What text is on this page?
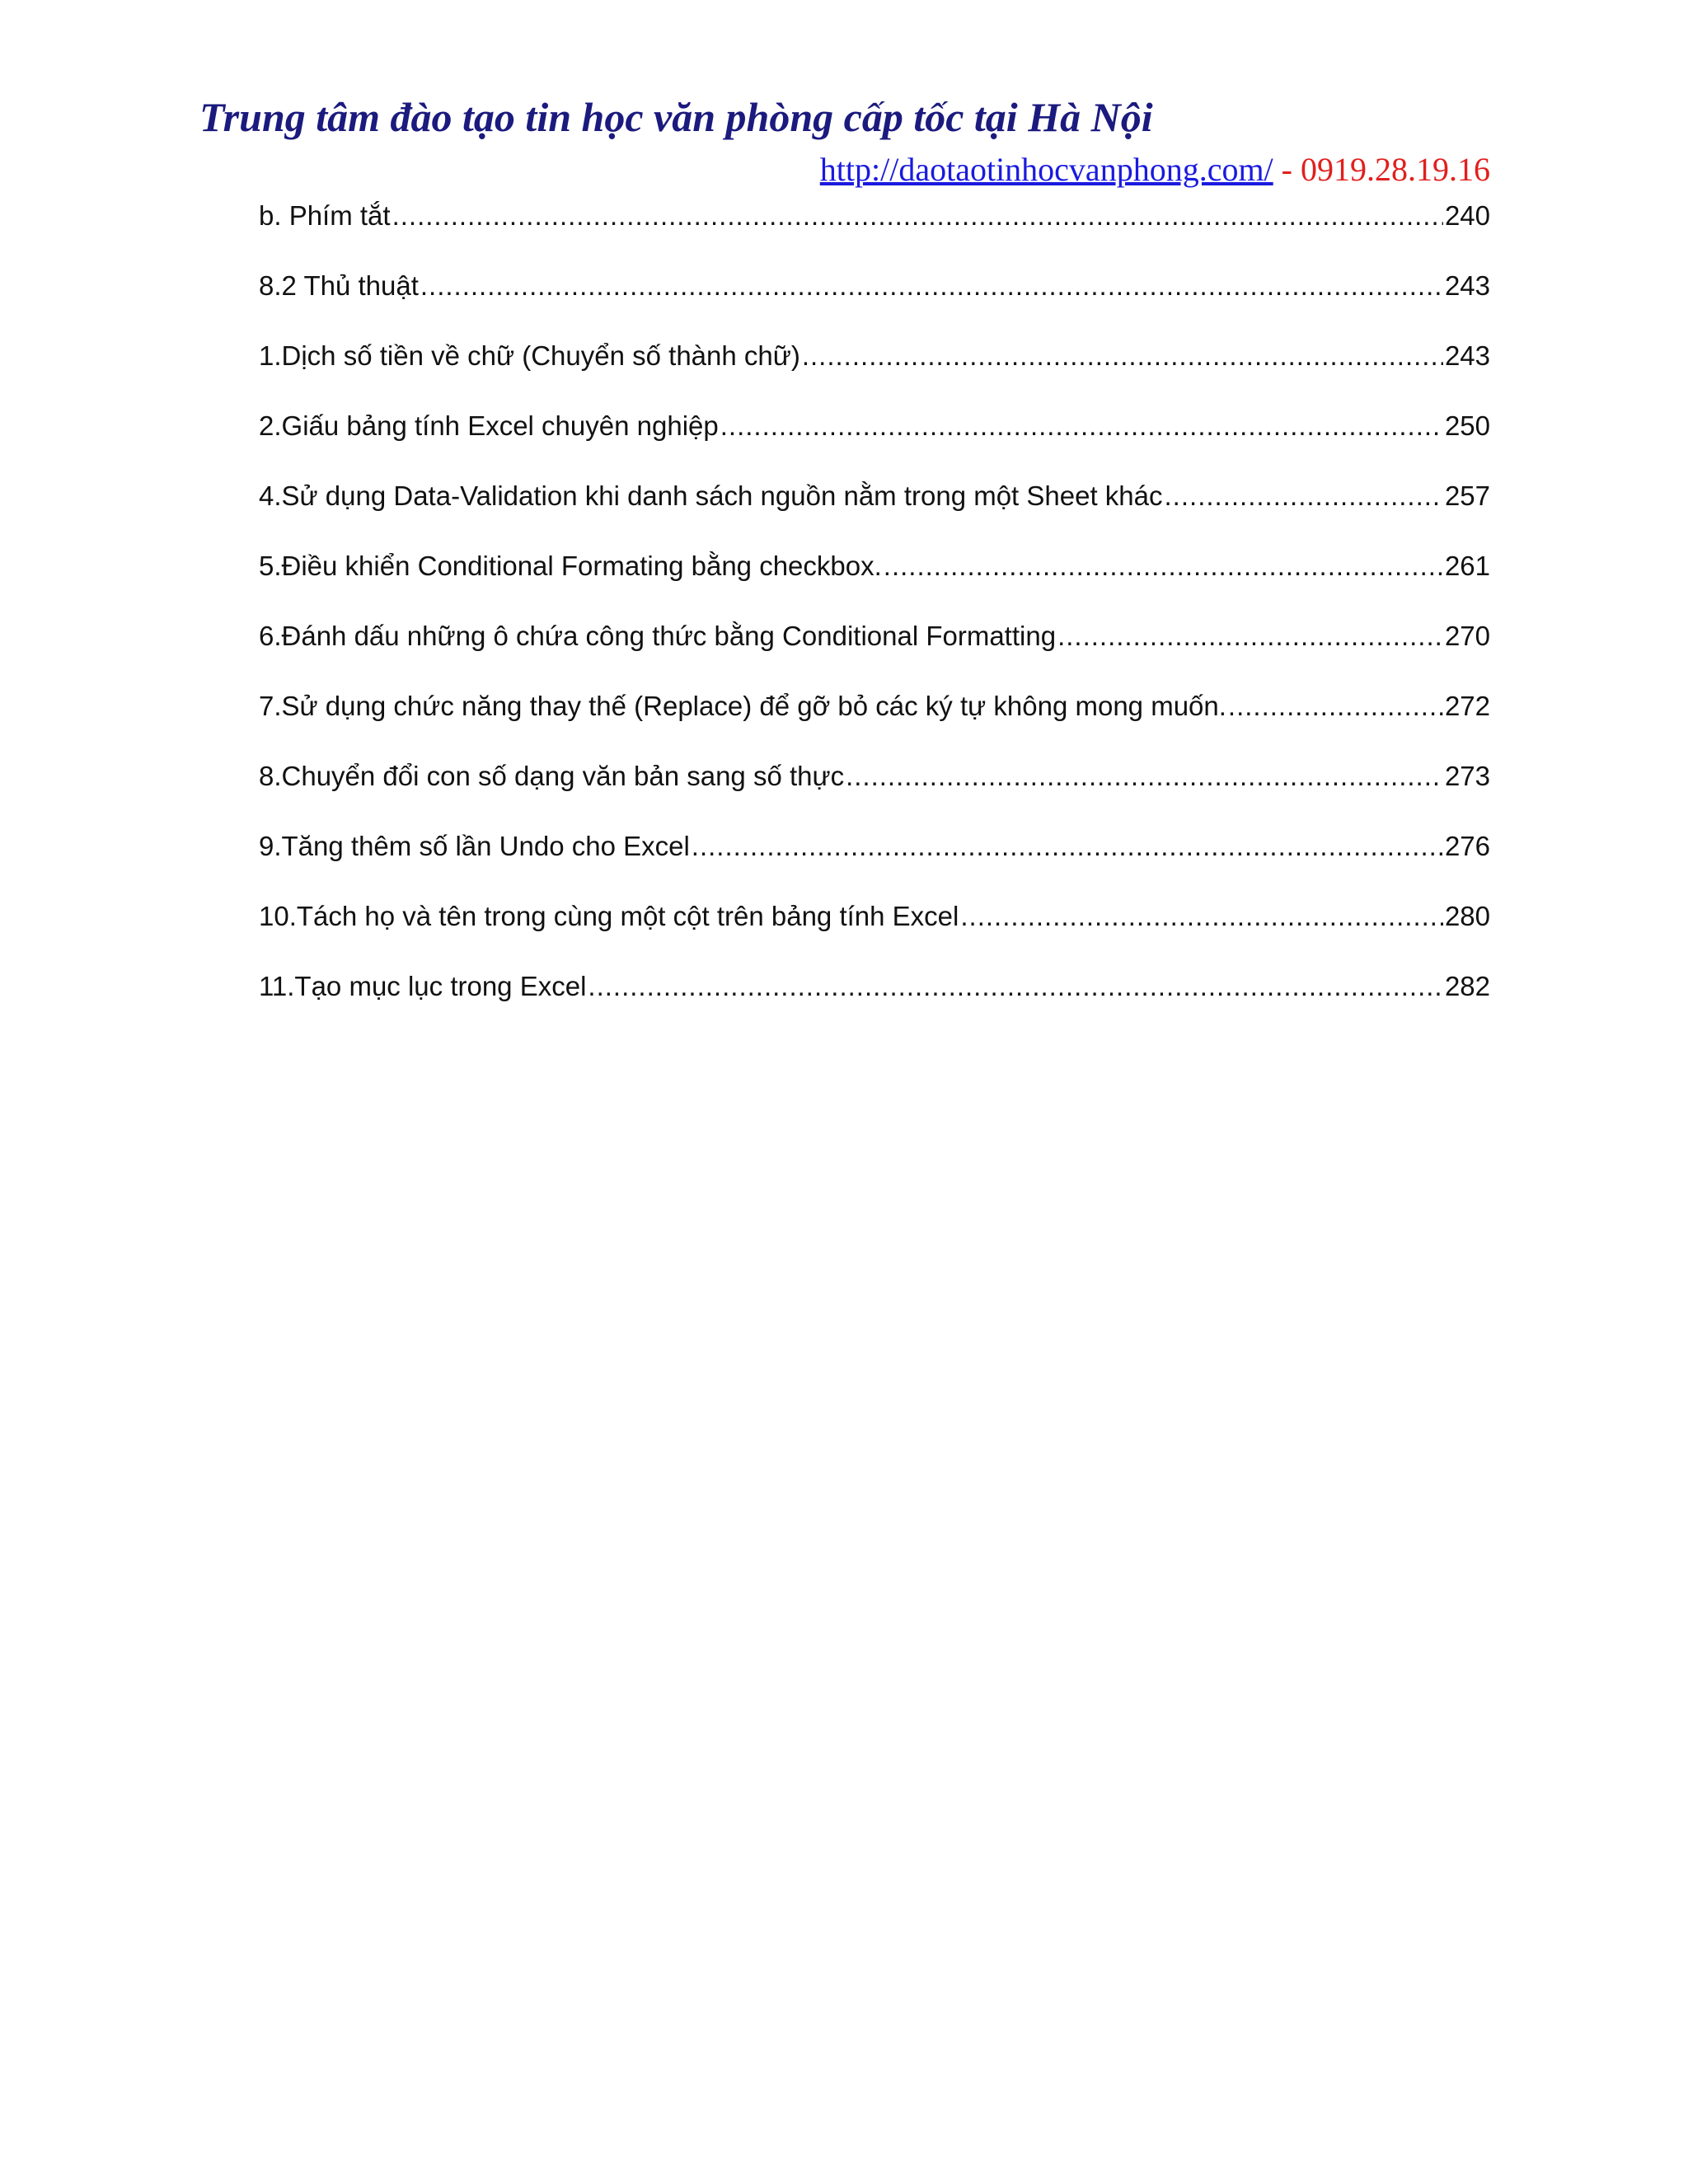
Trung tâm đào tạo tin học văn phòng cấp tốc tại Hà Nội
http://daotaotinhocvanphong.com/ - 0919.28.19.16
b. Phím tắt .....	240
8.2 Thủ thuật .....	243
1.Dịch số tiền về chữ (Chuyển số thành chữ) .....	243
2.Giấu bảng tính Excel chuyên nghiệp .....	250
4.Sử dụng Data-Validation khi danh sách nguồn nằm trong một Sheet khác .....	257
5.Điều khiển Conditional Formating bằng checkbox. .....	261
6.Đánh dấu những ô chứa công thức bằng Conditional Formatting .....	270
7.Sử dụng chức năng thay thế (Replace) để gỡ bỏ các ký tự không mong muốn. .....	272
8.Chuyển đổi con số dạng văn bản sang số thực .....	273
9.Tăng thêm số lần Undo cho Excel .....	276
10.Tách họ và tên trong cùng một cột trên bảng tính Excel .....	280
11.Tạo mục lục trong Excel .....	282
